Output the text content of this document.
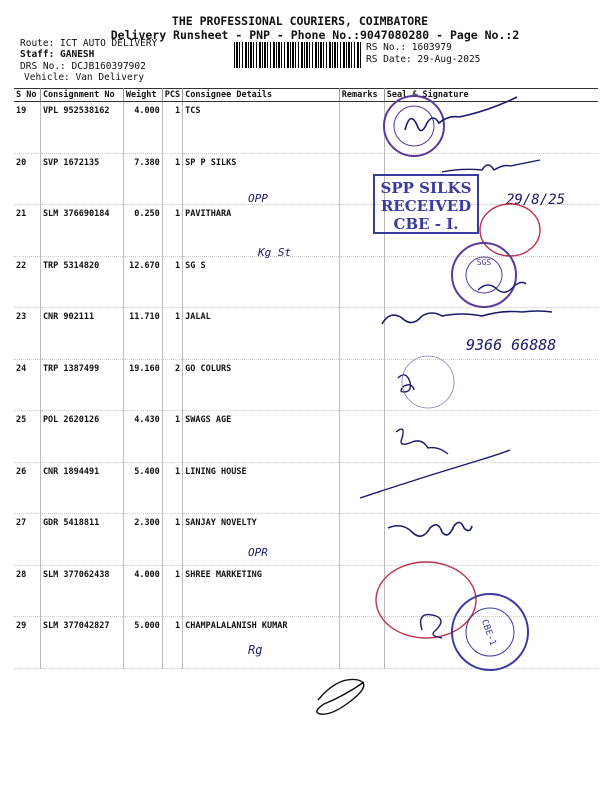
THE PROFESSIONAL COURIERS, COIMBATORE
Delivery Runsheet - PNP - Phone No.:9047080280 - Page No.:2
Route: ICT AUTO DELIVERY
Staff: GANESH
DRS No.: DCJB160397902
Vehicle: Van Delivery
RS No.: 1603979
RS Date: 29-Aug-2025
S No	Consignment No	Weight	PCS	Consignee Details	Remarks	Seal & Signature
19	VPL 952538162	4.000	1	TCS		
20	SVP 1672135	7.380	1	SP P SILKS		
21	SLM 376690184	0.250	1	PAVITHARA		
22	TRP 5314820	12.670	1	SG S		
23	CNR 902111	11.710	1	JALAL		
24	TRP 1387499	19.160	2	GO COLURS		
25	POL 2620126	4.430	1	SWAGS AGE		
26	CNR 1894491	5.400	1	LINING HOUSE		
27	GDR 5418811	2.300	1	SANJAY NOVELTY		
28	SLM 377062438	4.000	1	SHREE MARKETING		
29	SLM 377042827	5.000	1	CHAMPALALANISH KUMAR		
29/8/25
SPP SILKS
RECEIVED
CBE - I.
OPP
Kg St
SGS
9366 66888
OPR
CBE-1
Rg
